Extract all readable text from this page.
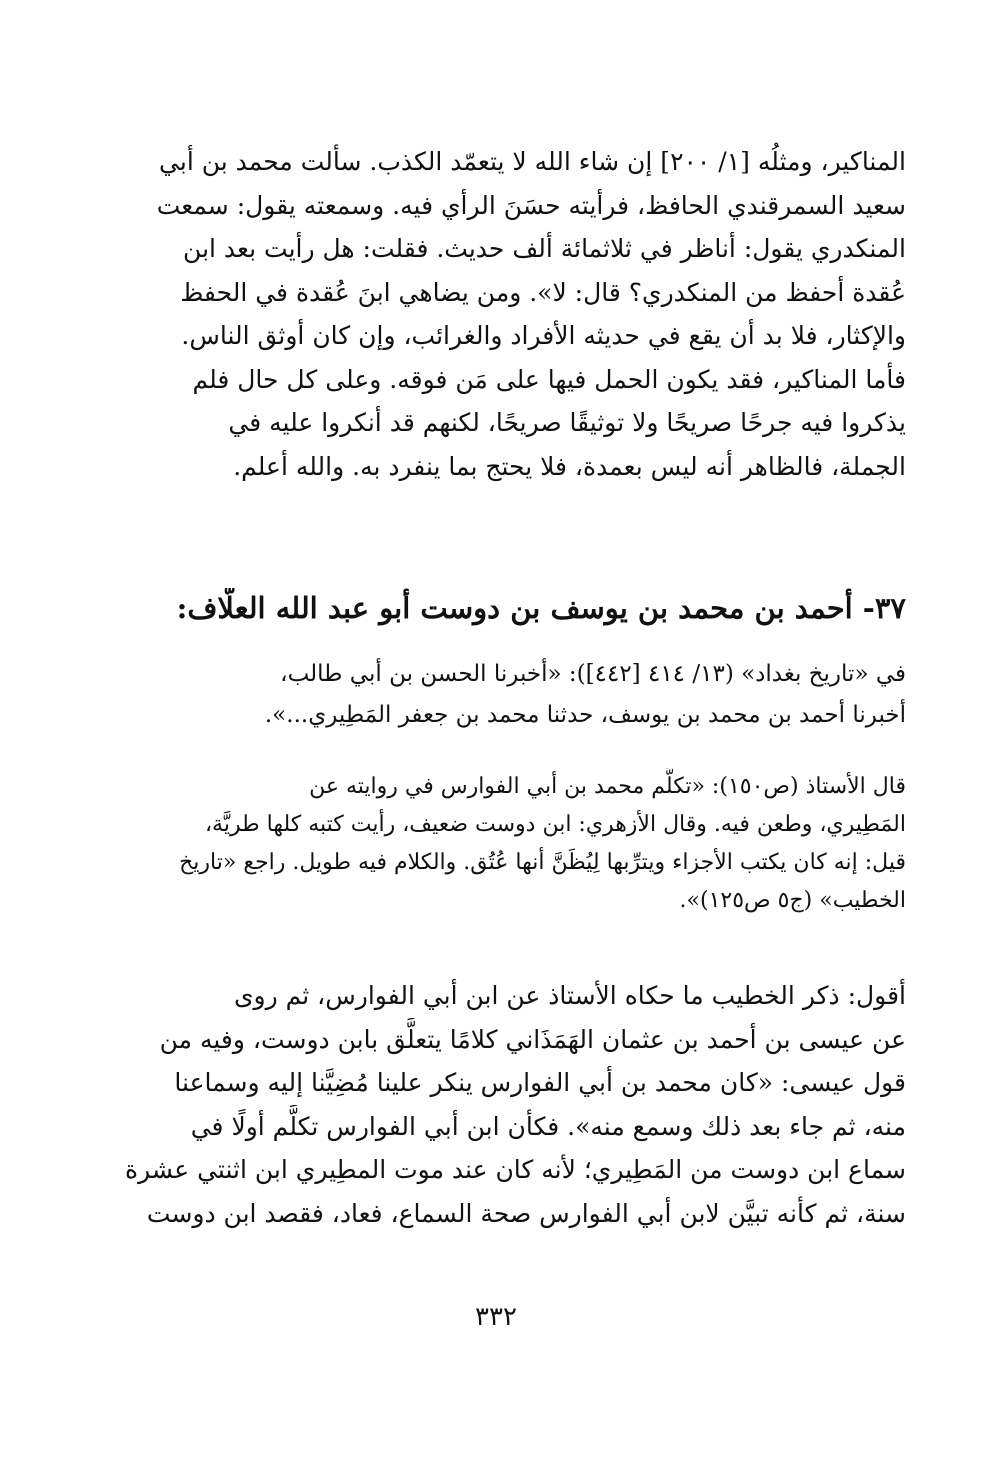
المناكير، ومثلُه [١/ ٢٠٠] إن شاء الله لا يتعمّد الكذب. سألت محمد بن أبي
سعيد السمرقندي الحافظ، فرأيته حسَنَ الرأي فيه. وسمعته يقول: سمعت
المنكدري يقول: أناظر في ثلاثمائة ألف حديث. فقلت: هل رأيت بعد ابن
عُقدة أحفظ من المنكدري؟ قال: لا». ومن يضاهي ابنَ عُقدة في الحفظ
والإكثار، فلا بد أن يقع في حديثه الأفراد والغرائب، وإن كان أوثق الناس.
فأما المناكير، فقد يكون الحمل فيها على مَن فوقه. وعلى كل حال فلم
يذكروا فيه جرحًا صريحًا ولا توثيقًا صريحًا، لكنهم قد أنكروا عليه في
الجملة، فالظاهر أنه ليس بعمدة، فلا يحتج بما ينفرد به. والله أعلم.
٣٧- أحمد بن محمد بن يوسف بن دوست أبو عبد الله العلَّاف:
في «تاريخ بغداد» (١٣/ ٤١٤ [٤٤٢]): «أخبرنا الحسن بن أبي طالب،
أخبرنا أحمد بن محمد بن يوسف، حدثنا محمد بن جعفر المَطِيري...».
قال الأستاذ (ص١٥٠): «تكلَّم محمد بن أبي الفوارس في روايته عن
المَطِيري، وطعن فيه. وقال الأزهري: ابن دوست ضعيف، رأيت كتبه كلها طريَّة،
قيل: إنه كان يكتب الأجزاء ويترِّبها لِيُظَنَّ أنها عُتُق. والكلام فيه طويل. راجع «تاريخ
الخطيب» (ج٥ ص١٢٥)».
أقول: ذكر الخطيب ما حكاه الأستاذ عن ابن أبي الفوارس، ثم روى
عن عيسى بن أحمد بن عثمان الهَمَذَاني كلامًا يتعلَّق بابن دوست، وفيه من
قول عيسى: «كان محمد بن أبي الفوارس ينكر علينا مُضِيَّنا إليه وسماعنا
منه، ثم جاء بعد ذلك وسمع منه». فكأن ابن أبي الفوارس تكلَّم أولًا في
سماع ابن دوست من المَطِيري؛ لأنه كان عند موت المطِيري ابن اثنتي عشرة
سنة، ثم كأنه تبيَّن لابن أبي الفوارس صحة السماع، فعاد، فقصد ابن دوست
٣٣٢
